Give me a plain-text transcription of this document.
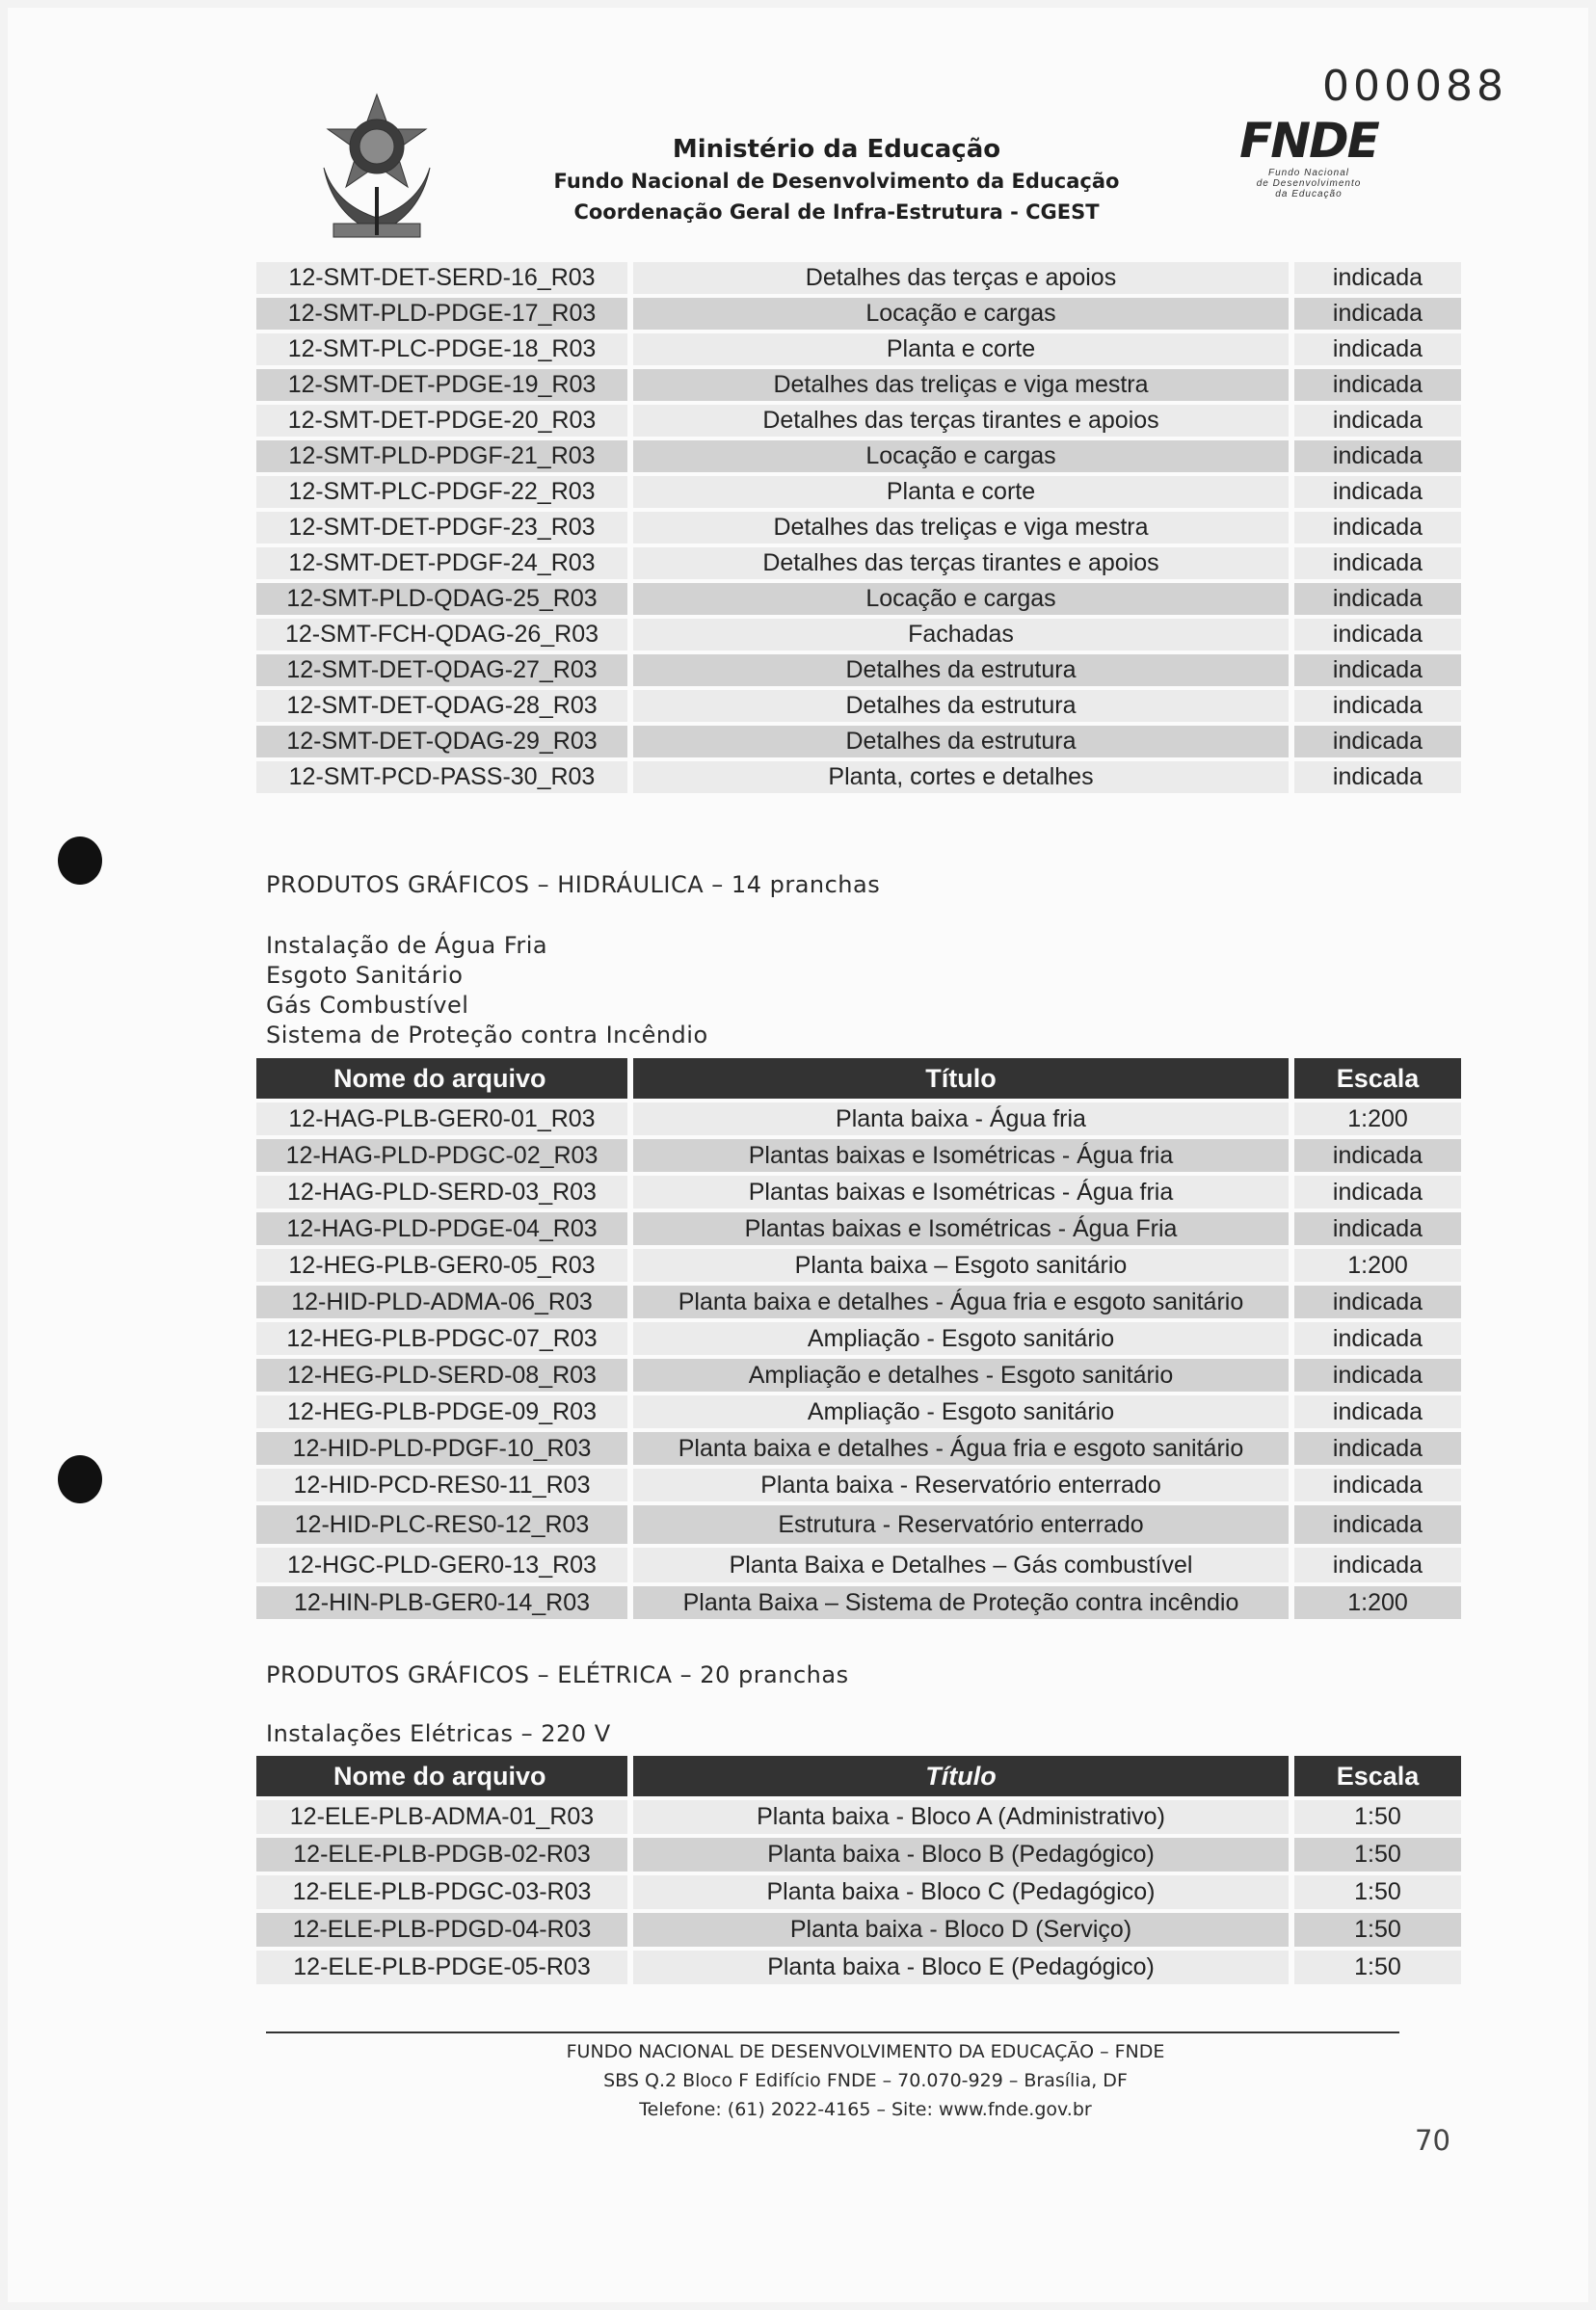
000088
Ministério da Educação
Fundo Nacional de Desenvolvimento da Educação
Coordenação Geral de Infra-Estrutura - CGEST
FNDE
Fundo Nacional
de Desenvolvimento
da Educação
12-SMT-DET-SERD-16_R03	Detalhes das terças e apoios	indicada
12-SMT-PLD-PDGE-17_R03	Locação e cargas	indicada
12-SMT-PLC-PDGE-18_R03	Planta e corte	indicada
12-SMT-DET-PDGE-19_R03	Detalhes das treliças e viga mestra	indicada
12-SMT-DET-PDGE-20_R03	Detalhes das terças tirantes e apoios	indicada
12-SMT-PLD-PDGF-21_R03	Locação e cargas	indicada
12-SMT-PLC-PDGF-22_R03	Planta e corte	indicada
12-SMT-DET-PDGF-23_R03	Detalhes das treliças e viga mestra	indicada
12-SMT-DET-PDGF-24_R03	Detalhes das terças tirantes e apoios	indicada
12-SMT-PLD-QDAG-25_R03	Locação e cargas	indicada
12-SMT-FCH-QDAG-26_R03	Fachadas	indicada
12-SMT-DET-QDAG-27_R03	Detalhes da estrutura	indicada
12-SMT-DET-QDAG-28_R03	Detalhes da estrutura	indicada
12-SMT-DET-QDAG-29_R03	Detalhes da estrutura	indicada
12-SMT-PCD-PASS-30_R03	Planta, cortes e detalhes	indicada
PRODUTOS GRÁFICOS – HIDRÁULICA – 14 pranchas
Instalação de Água Fria
Esgoto Sanitário
Gás Combustível
Sistema de Proteção contra Incêndio
Nome do arquivo	Título	Escala
12-HAG-PLB-GER0-01_R03	Planta baixa - Água fria	1:200
12-HAG-PLD-PDGC-02_R03	Plantas baixas e Isométricas - Água fria	indicada
12-HAG-PLD-SERD-03_R03	Plantas baixas e Isométricas - Água fria	indicada
12-HAG-PLD-PDGE-04_R03	Plantas baixas e Isométricas - Água Fria	indicada
12-HEG-PLB-GER0-05_R03	Planta baixa – Esgoto sanitário	1:200
12-HID-PLD-ADMA-06_R03	Planta baixa e detalhes - Água fria e esgoto sanitário	indicada
12-HEG-PLB-PDGC-07_R03	Ampliação - Esgoto sanitário	indicada
12-HEG-PLD-SERD-08_R03	Ampliação e detalhes - Esgoto sanitário	indicada
12-HEG-PLB-PDGE-09_R03	Ampliação - Esgoto sanitário	indicada
12-HID-PLD-PDGF-10_R03	Planta baixa e detalhes - Água fria e esgoto sanitário	indicada
12-HID-PCD-RES0-11_R03	Planta baixa - Reservatório enterrado	indicada
12-HID-PLC-RES0-12_R03	Estrutura - Reservatório enterrado	indicada
12-HGC-PLD-GER0-13_R03	Planta Baixa e Detalhes – Gás combustível	indicada
12-HIN-PLB-GER0-14_R03	Planta Baixa – Sistema de Proteção contra incêndio	1:200
PRODUTOS GRÁFICOS – ELÉTRICA – 20 pranchas
Instalações Elétricas – 220 V
Nome do arquivo	Título	Escala
12-ELE-PLB-ADMA-01_R03	Planta baixa - Bloco A (Administrativo)	1:50
12-ELE-PLB-PDGB-02-R03	Planta baixa - Bloco B (Pedagógico)	1:50
12-ELE-PLB-PDGC-03-R03	Planta baixa - Bloco C (Pedagógico)	1:50
12-ELE-PLB-PDGD-04-R03	Planta baixa - Bloco D (Serviço)	1:50
12-ELE-PLB-PDGE-05-R03	Planta baixa - Bloco E (Pedagógico)	1:50
FUNDO NACIONAL DE DESENVOLVIMENTO DA EDUCAÇÃO – FNDE
SBS Q.2 Bloco F Edifício FNDE – 70.070-929 – Brasília, DF
Telefone: (61) 2022-4165 – Site: www.fnde.gov.br
70
